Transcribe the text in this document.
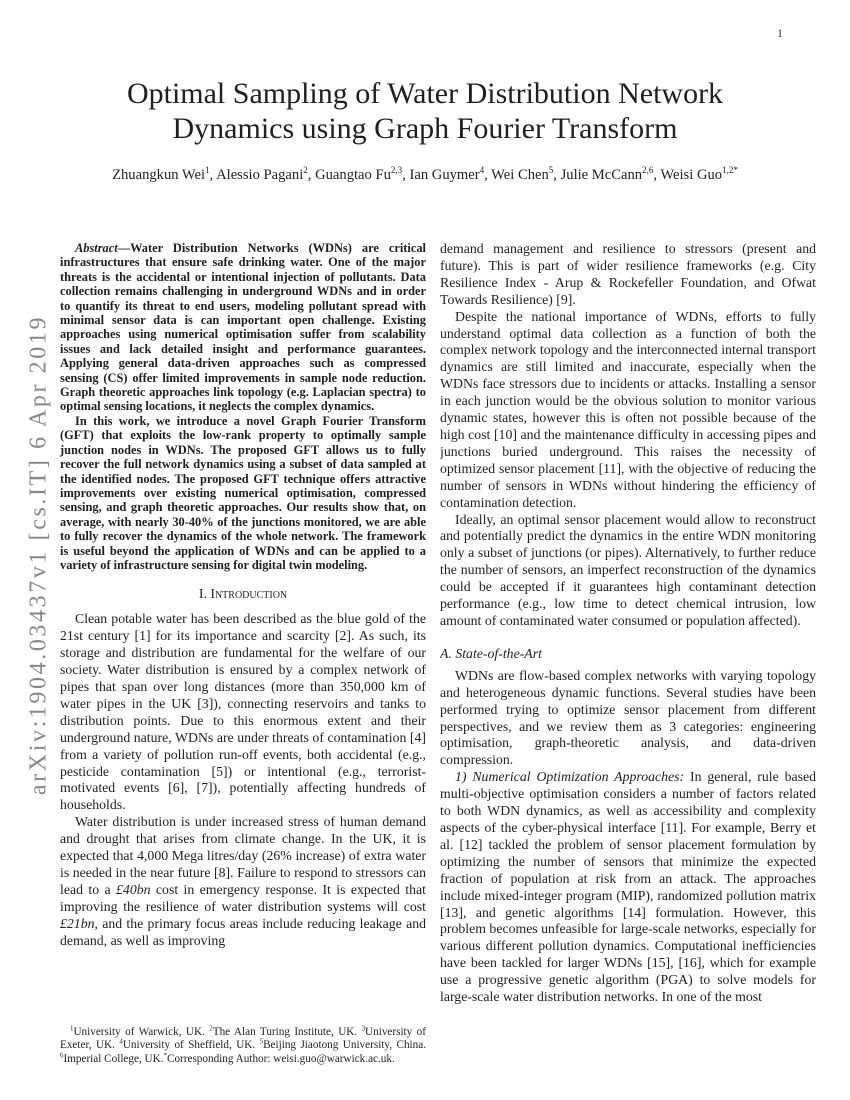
1
arXiv:1904.03437v1 [cs.IT] 6 Apr 2019
Optimal Sampling of Water Distribution Network
Dynamics using Graph Fourier Transform
Zhuangkun Wei$^1$, Alessio Pagani$^2$, Guangtao Fu$^{2,3}$, Ian Guymer$^4$, Wei Chen$^5$, Julie McCann$^{2,6}$, Weisi Guo$^{1,2*}$
Abstract—Water Distribution Networks (WDNs) are critical infrastructures that ensure safe drinking water. One of the major threats is the accidental or intentional injection of pollutants. Data collection remains challenging in underground WDNs and in order to quantify its threat to end users, modeling pollutant spread with minimal sensor data is can important open challenge. Existing approaches using numerical optimisation suffer from scalability issues and lack detailed insight and performance guarantees. Applying general data-driven approaches such as compressed sensing (CS) offer limited improvements in sample node reduction. Graph theoretic approaches link topology (e.g. Laplacian spectra) to optimal sensing locations, it neglects the complex dynamics.
In this work, we introduce a novel Graph Fourier Transform (GFT) that exploits the low-rank property to optimally sample junction nodes in WDNs. The proposed GFT allows us to fully recover the full network dynamics using a subset of data sampled at the identified nodes. The proposed GFT technique offers attractive improvements over existing numerical optimisation, compressed sensing, and graph theoretic approaches. Our results show that, on average, with nearly 30-40% of the junctions monitored, we are able to fully recover the dynamics of the whole network. The framework is useful beyond the application of WDNs and can be applied to a variety of infrastructure sensing for digital twin modeling.
I. Introduction
Clean potable water has been described as the blue gold of the 21st century [1] for its importance and scarcity [2]. As such, its storage and distribution are fundamental for the welfare of our society. Water distribution is ensured by a complex network of pipes that span over long distances (more than 350,000 km of water pipes in the UK [3]), connecting reservoirs and tanks to distribution points. Due to this enormous extent and their underground nature, WDNs are under threats of contamination [4] from a variety of pollution run-off events, both accidental (e.g., pesticide contamination [5]) or intentional (e.g., terrorist-motivated events [6], [7]), potentially affecting hundreds of households.
Water distribution is under increased stress of human demand and drought that arises from climate change. In the UK, it is expected that 4,000 Mega litres/day (26% increase) of extra water is needed in the near future [8]. Failure to respond to stressors can lead to a £40bn cost in emergency response. It is expected that improving the resilience of water distribution systems will cost £21bn, and the primary focus areas include reducing leakage and demand, as well as improving
$^1$University of Warwick, UK. $^2$The Alan Turing Institute, UK. $^3$University of Exeter, UK. $^4$University of Sheffield, UK. $^5$Beijing Jiaotong University, China. $^6$Imperial College, UK.*Corresponding Author: weisi.guo@warwick.ac.uk.
demand management and resilience to stressors (present and future). This is part of wider resilience frameworks (e.g. City Resilience Index - Arup & Rockefeller Foundation, and Ofwat Towards Resilience) [9].
Despite the national importance of WDNs, efforts to fully understand optimal data collection as a function of both the complex network topology and the interconnected internal transport dynamics are still limited and inaccurate, especially when the WDNs face stressors due to incidents or attacks. Installing a sensor in each junction would be the obvious solution to monitor various dynamic states, however this is often not possible because of the high cost [10] and the maintenance difficulty in accessing pipes and junctions buried underground. This raises the necessity of optimized sensor placement [11], with the objective of reducing the number of sensors in WDNs without hindering the efficiency of contamination detection.
Ideally, an optimal sensor placement would allow to reconstruct and potentially predict the dynamics in the entire WDN monitoring only a subset of junctions (or pipes). Alternatively, to further reduce the number of sensors, an imperfect reconstruction of the dynamics could be accepted if it guarantees high contaminant detection performance (e.g., low time to detect chemical intrusion, low amount of contaminated water consumed or population affected).
A. State-of-the-Art
WDNs are flow-based complex networks with varying topology and heterogeneous dynamic functions. Several studies have been performed trying to optimize sensor placement from different perspectives, and we review them as 3 categories: engineering optimisation, graph-theoretic analysis, and data-driven compression.
1) Numerical Optimization Approaches: In general, rule based multi-objective optimisation considers a number of factors related to both WDN dynamics, as well as accessibility and complexity aspects of the cyber-physical interface [11]. For example, Berry et al. [12] tackled the problem of sensor placement formulation by optimizing the number of sensors that minimize the expected fraction of population at risk from an attack. The approaches include mixed-integer program (MIP), randomized pollution matrix [13], and genetic algorithms [14] formulation. However, this problem becomes unfeasible for large-scale networks, especially for various different pollution dynamics. Computational inefficiencies have been tackled for larger WDNs [15], [16], which for example use a progressive genetic algorithm (PGA) to solve models for large-scale water distribution networks. In one of the most
